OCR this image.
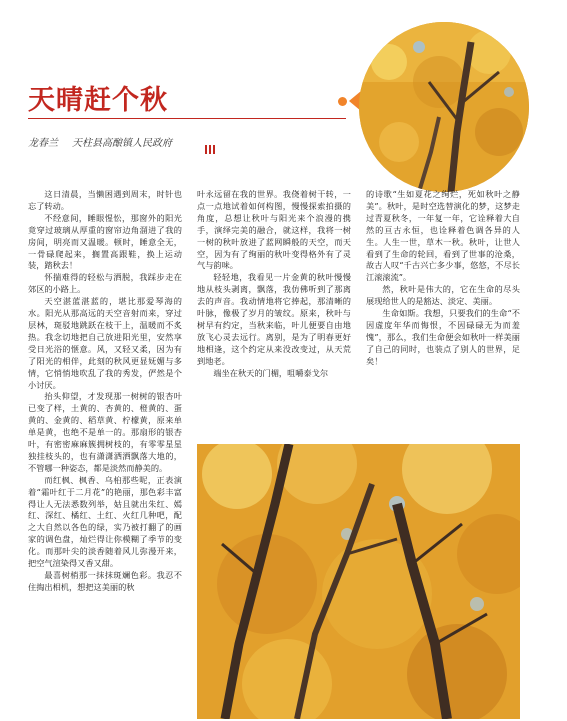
天晴赶个秋
龙春兰 天柱县高酿镇人民政府

这日清晨，当懒困遇到周末，时针也忘了转动。

不经意间，睡眼惺忪，那窗外的阳光竟穿过玻璃从厚重的窗帘边角溜进了我的房间，明亮而又温暖。顿时，睡意全无，一骨碌爬起来，搁置高跟鞋，换上运动装，踏秋去！

怀揣难得的轻松与洒脱，我踩步走在郊区的小路上。

天空湛蓝湛蓝的，堪比那爱琴海的水。阳光从那高远的天空音射而来，穿过层林，斑驳地跳跃在枝干上，温暖而不炙热。我念切地把自己放进阳光里，安然享受日光浴的惬意。风，又轻又柔，因为有了阳光的相伴，此刻的秋风更显妩媚与多情，它悄悄地吹乱了我的秀发，俨然是个小讨厌。

抬头仰望，才发现那一树树的银杏叶已变了样，土黄的、杏黄的、橙黄的、蛋黄的、金黄的、稻草黄、柠檬黄，原来单单是黄，也绝不是单一的。那扇形的银杏叶，有密密麻麻簇拥树枝的，有零零星星独挂枝头的，也有潇潇洒洒飘落大地的，不管哪一种姿态，都是淡然而静美的。

而红枫、枫香、乌桕那些呢，正表演着“霜叶红于二月花”的艳丽，那色彩丰富得让人无法悉数列举，姑且就出朱红、嫣红、深红、橘红、土红、火红几种吧，配之大自然以各色的绿，实乃被打翻了的画家的调色盘，灿烂得让你模糊了季节的变化。而那叶尖的淡香随着风儿弥漫开来，把空气渲染得又香又甜。

最喜树梢那一抹抹斑斓色彩。我忍不住掏出相机，想把这美丽的秋

叶永远留在我的世界。我侥着树干转，一点一点地试着如何构图，慢慢探索拍摄的角度，总想让秋叶与阳光来个浪漫的携手，演绎完美的融合，就这样，我将一树一树的秋叶放进了蓝网瞬般的天空，而天空，因为有了绚丽的秋叶变得格外有了灵气与韵味。

轻轻地，我看见一片金黄的秋叶慢慢地从枝头剥离，飘落，我仿佛听到了那离去的声音。我动情地将它捧起，那清晰的叶脉，像极了岁月的皱纹。原来，秋叶与树早有约定，当秋来临，叶儿便要自由地放飞心灵去远行。离别，是为了明春更好地相逢，这个约定从来没改变过，从天荒到地老。

端坐在秋天的门楣，咀嚼泰戈尔

的诗歌“生如夏花之绚烂，死如秋叶之静美”。秋叶，是时空选替演化的梦，这梦走过青夏秋冬，一年复一年，它诠释着大自然的亘古永恒，也诠释着色调各异的人生。人生一世，草木一秋。秋叶，让世人看到了生命的轮回，看到了世事的沧桑，故古人叹“千古兴亡多少事，悠悠，不尽长江滚滚流”。

然，秋叶是伟大的，它在生命的尽头展现给世人的是豁达、淡定、美丽。

生命如斯。我想，只要我们的生命“不因虚度年华而悔恨，不因碌碌无为而羞愧”，那么，我们生命便会如秋叶一样美丽了自己的同时，也装点了别人的世界，足矣！
